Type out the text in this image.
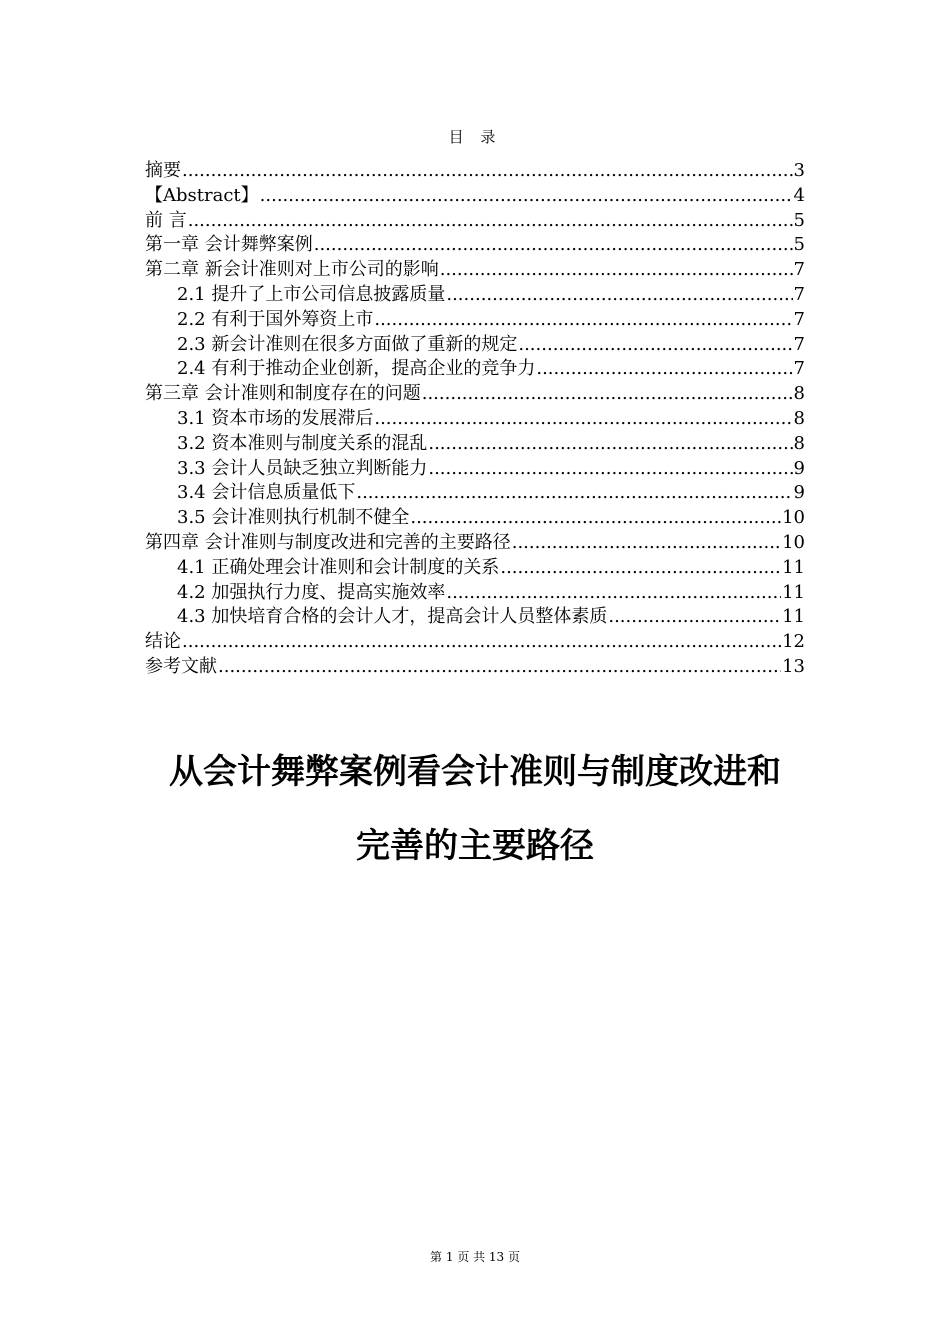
目 录
摘要 .....	3
【Abstract】 .....	4
前 言 .....	5
第一章 会计舞弊案例 .....	5
第二章 新会计准则对上市公司的影响 .....	7
2.1 提升了上市公司信息披露质量 .....	7
2.2 有利于国外筹资上市 .....	7
2.3 新会计准则在很多方面做了重新的规定 .....	7
2.4 有利于推动企业创新，提高企业的竞争力 .....	7
第三章 会计准则和制度存在的问题 .....	8
3.1 资本市场的发展滞后 .....	8
3.2 资本准则与制度关系的混乱 .....	8
3.3 会计人员缺乏独立判断能力 .....	9
3.4 会计信息质量低下 .....	9
3.5 会计准则执行机制不健全 .....	10
第四章 会计准则与制度改进和完善的主要路径 .....	10
4.1 正确处理会计准则和会计制度的关系 .....	11
4.2 加强执行力度、提高实施效率 .....	11
4.3 加快培育合格的会计人才，提高会计人员整体素质 .....	11
结论 .....	12
参考文献 .....	13
从会计舞弊案例看会计准则与制度改进和
完善的主要路径
第 1 页 共 13 页
